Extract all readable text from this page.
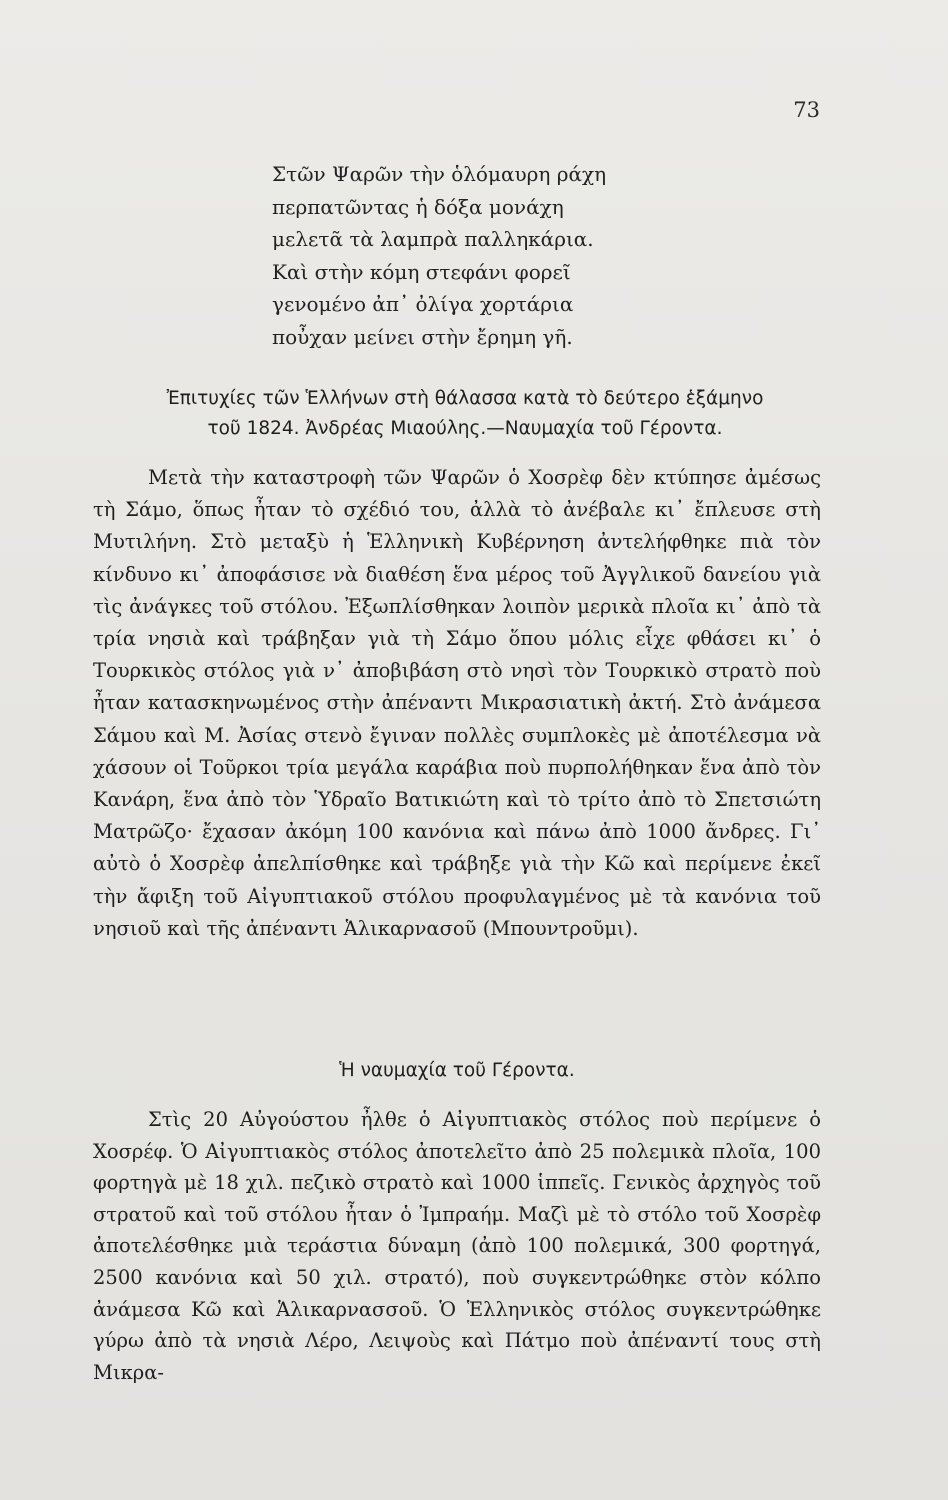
73
Στῶν Ψαρῶν τὴν ὁλόμαυρη ράχη
περπατῶντας ἡ δόξα μονάχη
μελετᾶ τὰ λαμπρὰ παλληκάρια.
Καὶ στὴν κόμη στεφάνι φορεῖ
γενομένο ἀπ᾽ ὀλίγα χορτάρια
ποὖχαν μείνει στὴν ἔρημη γῆ.
Ἐπιτυχίες τῶν Ἑλλήνων στὴ θάλασσα κατὰ τὸ δεύτερο ἑξάμηνο
τοῦ 1824. Ἀνδρέας Μιαούλης.—Ναυμαχία τοῦ Γέροντα.

Μετὰ τὴν καταστροφὴ τῶν Ψαρῶν ὁ Χοσρὲφ δὲν κτύπησε ἀμέσως τὴ Σάμο, ὅπως ἦταν τὸ σχέδιό του, ἀλλὰ τὸ ἀνέβαλε κι᾽ ἔπλευσε στὴ Μυτιλήνη. Στὸ μεταξὺ ἡ Ἑλληνικὴ Κυβέρνηση ἀντελήφθηκε πιὰ τὸν κίνδυνο κι᾽ ἀποφάσισε νὰ διαθέση ἕνα μέρος τοῦ Ἀγγλικοῦ δανείου γιὰ τὶς ἀνάγκες τοῦ στόλου. Ἐξωπλίσθηκαν λοιπὸν μερικὰ πλοῖα κι᾽ ἀπὸ τὰ τρία νησιὰ καὶ τράβηξαν γιὰ τὴ Σάμο ὅπου μόλις εἶχε φθάσει κι᾽ ὁ Τουρκικὸς στόλος γιὰ ν᾽ ἀποβιβάση στὸ νησὶ τὸν Τουρκικὸ στρατὸ ποὺ ἦταν κατασκηνωμένος στὴν ἀπέναντι Μικρασιατικὴ ἀκτή. Στὸ ἀνάμεσα Σάμου καὶ Μ. Ἀσίας στενὸ ἔγιναν πολλὲς συμπλοκὲς μὲ ἀποτέλεσμα νὰ χάσουν οἱ Τοῦρκοι τρία μεγάλα καράβια ποὺ πυρπολήθηκαν ἕνα ἀπὸ τὸν Κανάρη, ἕνα ἀπὸ τὸν Ὑδραῖο Βατικιώτη καὶ τὸ τρίτο ἀπὸ τὸ Σπετσιώτη Ματρῶζο· ἔχασαν ἀκόμη 100 κανόνια καὶ πάνω ἀπὸ 1000 ἄνδρες. Γι᾽ αὐτὸ ὁ Χοσρὲφ ἀπελπίσθηκε καὶ τράβηξε γιὰ τὴν Κῶ καὶ περίμενε ἐκεῖ τὴν ἄφιξη τοῦ Αἰγυπτιακοῦ στόλου προφυλαγμένος μὲ τὰ κανόνια τοῦ νησιοῦ καὶ τῆς ἀπέναντι Ἁλικαρνασοῦ (Μπουντροῦμι).

Ἡ ναυμαχία τοῦ Γέροντα.

Στὶς 20 Αὐγούστου ἦλθε ὁ Αἰγυπτιακὸς στόλος ποὺ περίμενε ὁ Χοσρέφ. Ὁ Αἰγυπτιακὸς στόλος ἀποτελεῖτο ἀπὸ 25 πολεμικὰ πλοῖα, 100 φορτηγὰ μὲ 18 χιλ. πεζικὸ στρατὸ καὶ 1000 ἱππεῖς. Γενικὸς ἀρχηγὸς τοῦ στρατοῦ καὶ τοῦ στόλου ἦταν ὁ Ἰμπραήμ. Μαζὶ μὲ τὸ στόλο τοῦ Χοσρὲφ ἀποτελέσθηκε μιὰ τεράστια δύναμη (ἀπὸ 100 πολεμικά, 300 φορτηγά, 2500 κανόνια καὶ 50 χιλ. στρατό), ποὺ συγκεντρώθηκε στὸν κόλπο ἀνάμεσα Κῶ καὶ Ἁλικαρνασσοῦ. Ὁ Ἑλληνικὸς στόλος συγκεντρώθηκε γύρω ἀπὸ τὰ νησιὰ Λέρο, Λειψοὺς καὶ Πάτμο ποὺ ἀπέναντί τους στὴ Μικρα-
